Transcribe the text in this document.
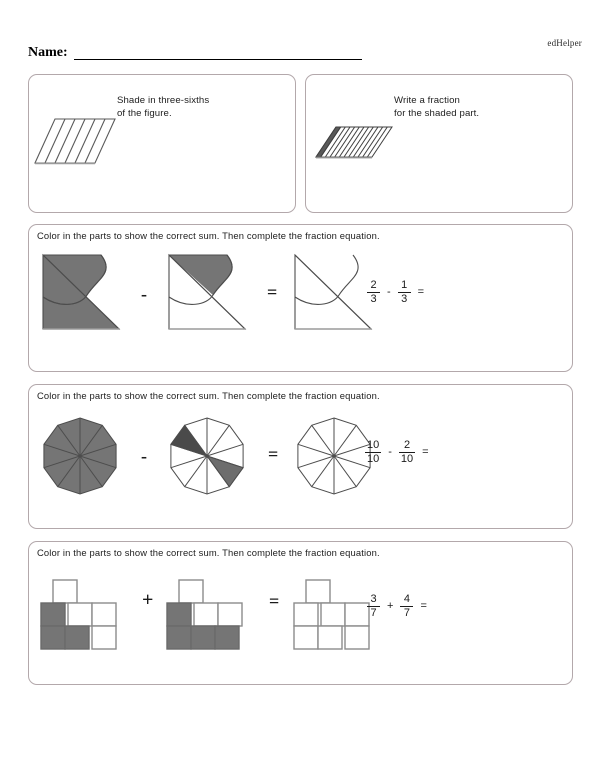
edHelper
Name:
Shade in three-sixths
of the figure.
Write a fraction
for the shaded part.
Color in the parts to show the correct sum. Then complete the fraction equation.
-	=	$\frac{2}{3} - \frac{1}{3}$ =
Color in the parts to show the correct sum. Then complete the fraction equation.
-	=	$\frac{10}{10} - \frac{2}{10}$ =
Color in the parts to show the correct sum. Then complete the fraction equation.
+	=	$\frac{3}{7} + \frac{4}{7}$ =
